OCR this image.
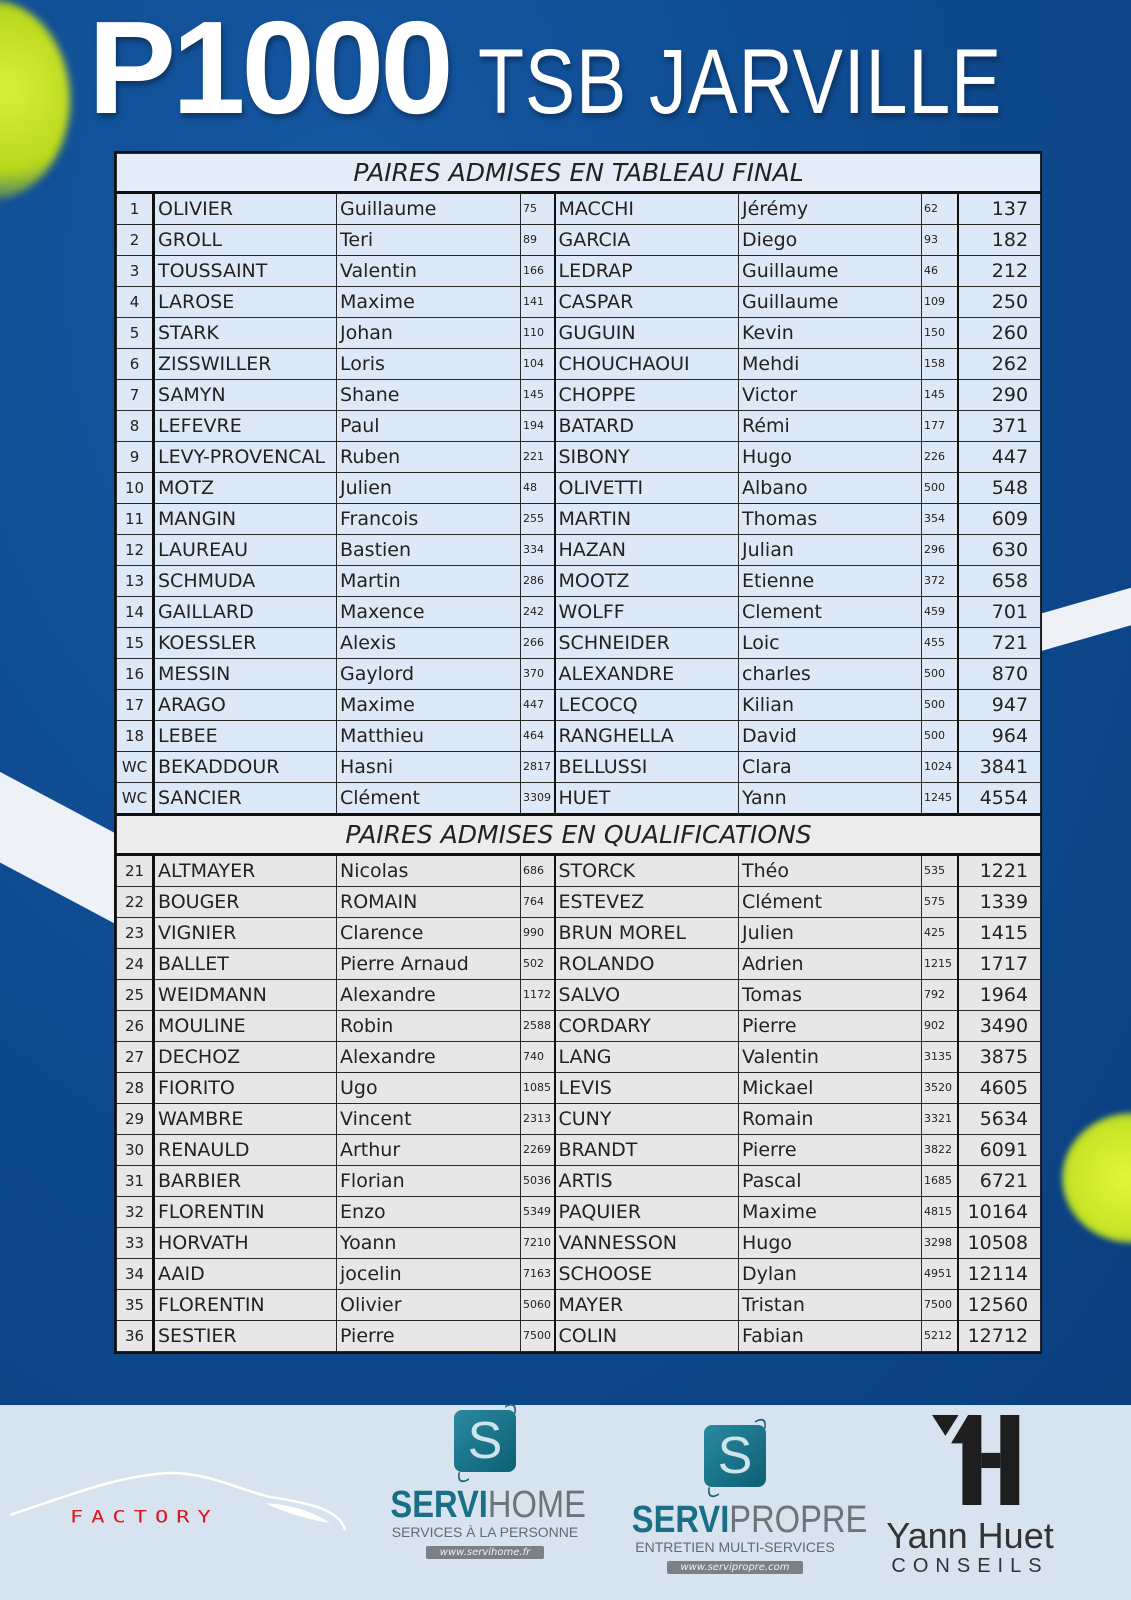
P1000 TSB JARVILLE
PAIRES ADMISES EN TABLEAU FINAL							
1	OLIVIER	Guillaume	75	MACCHI	Jérémy	62	137
2	GROLL	Teri	89	GARCIA	Diego	93	182
3	TOUSSAINT	Valentin	166	LEDRAP	Guillaume	46	212
4	LAROSE	Maxime	141	CASPAR	Guillaume	109	250
5	STARK	Johan	110	GUGUIN	Kevin	150	260
6	ZISSWILLER	Loris	104	CHOUCHAOUI	Mehdi	158	262
7	SAMYN	Shane	145	CHOPPE	Victor	145	290
8	LEFEVRE	Paul	194	BATARD	Rémi	177	371
9	LEVY-PROVENCAL	Ruben	221	SIBONY	Hugo	226	447
10	MOTZ	Julien	48	OLIVETTI	Albano	500	548
11	MANGIN	Francois	255	MARTIN	Thomas	354	609
12	LAUREAU	Bastien	334	HAZAN	Julian	296	630
13	SCHMUDA	Martin	286	MOOTZ	Etienne	372	658
14	GAILLARD	Maxence	242	WOLFF	Clement	459	701
15	KOESSLER	Alexis	266	SCHNEIDER	Loic	455	721
16	MESSIN	Gaylord	370	ALEXANDRE	charles	500	870
17	ARAGO	Maxime	447	LECOCQ	Kilian	500	947
18	LEBEE	Matthieu	464	RANGHELLA	David	500	964
WC	BEKADDOUR	Hasni	2817	BELLUSSI	Clara	1024	3841
WC	SANCIER	Clément	3309	HUET	Yann	1245	4554
PAIRES ADMISES EN QUALIFICATIONS							
21	ALTMAYER	Nicolas	686	STORCK	Théo	535	1221
22	BOUGER	ROMAIN	764	ESTEVEZ	Clément	575	1339
23	VIGNIER	Clarence	990	BRUN MOREL	Julien	425	1415
24	BALLET	Pierre Arnaud	502	ROLANDO	Adrien	1215	1717
25	WEIDMANN	Alexandre	1172	SALVO	Tomas	792	1964
26	MOULINE	Robin	2588	CORDARY	Pierre	902	3490
27	DECHOZ	Alexandre	740	LANG	Valentin	3135	3875
28	FIORITO	Ugo	1085	LEVIS	Mickael	3520	4605
29	WAMBRE	Vincent	2313	CUNY	Romain	3321	5634
30	RENAULD	Arthur	2269	BRANDT	Pierre	3822	6091
31	BARBIER	Florian	5036	ARTIS	Pascal	1685	6721
32	FLORENTIN	Enzo	5349	PAQUIER	Maxime	4815	10164
33	HORVATH	Yoann	7210	VANNESSON	Hugo	3298	10508
34	AAID	jocelin	7163	SCHOOSE	Dylan	4951	12114
35	FLORENTIN	Olivier	5060	MAYER	Tristan	7500	12560
36	SESTIER	Pierre	7500	COLIN	Fabian	5212	12712
FACTORY
S
SERVIHOME
SERVICES À LA PERSONNE
www.servihome.fr
S
SERVIPROPRE
ENTRETIEN MULTI-SERVICES
www.servipropre.com
Yann Huet
CONSEILS
